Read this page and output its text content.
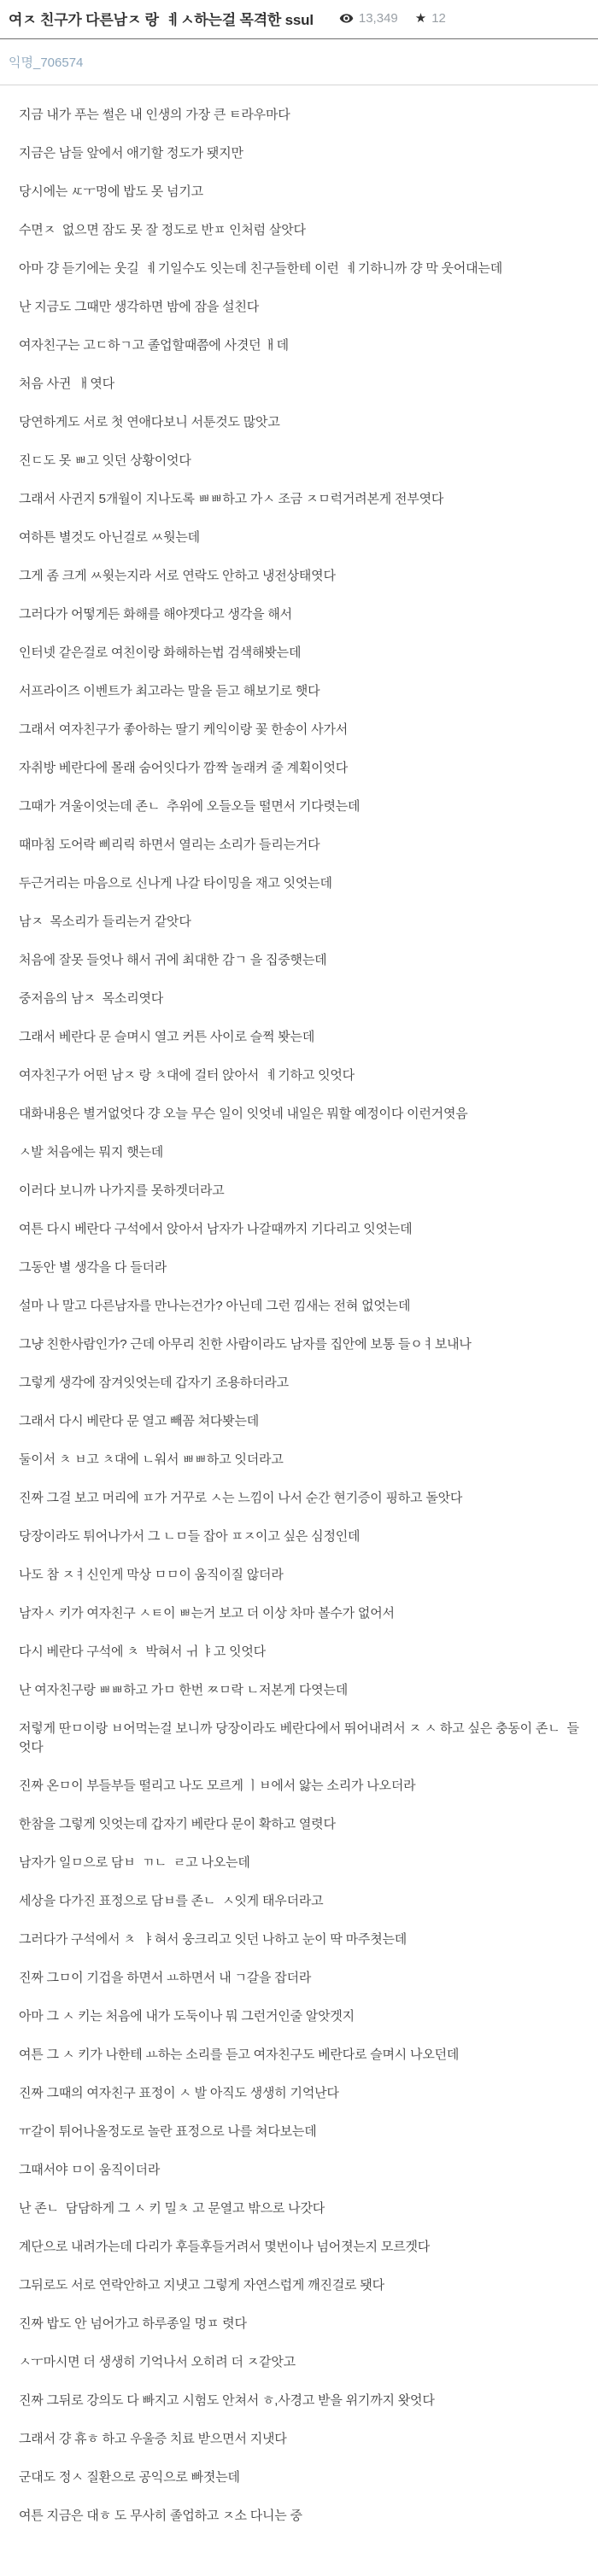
여ㅈ 친구가 다른남ㅈ 랑  ㅖㅅ하는걸 목격한 ssul	13,349 ★ 12
익명_706574

지금 내가 푸는 썰은 내 인생의 가장 큰 ㅌ라우마다

지금은 남들 앞에서 애기할 정도가 됏지만

당시에는 ㅼㅜ멍에 밥도 못 넘기고

수면ㅈ  없으면 잠도 못 잘 정도로 반ㅍ 인처럼 살앗다

아마 걍 듣기에는 웃길  ㅖ기일수도 잇는데 친구들한테 이런  ㅖ기하니까 걍 막 웃어대는데

난 지금도 그때만 생각하면 밤에 잠을 설친다

여자친구는 고ㄷ하ㄱ고 졸업할때쯤에 사겻던 ㅐ데

처음 사귄  ㅐ엿다

당연하게도 서로 첫 연애다보니 서툰것도 많앗고

진ㄷ도 못 ㅃ고 잇던 상황이엇다

그래서 사귄지 5개월이 지나도록 ㅃㅃ하고 가ㅅ 조금 ㅈㅁ럭거려본게 전부엿다

여하튼 별것도 아닌걸로 ㅆ웟는데

그게 좀 크게 ㅆ윗는지라 서로 연락도 안하고 냉전상태엿다

그러다가 어떻게든 화해를 해야겟다고 생각을 해서

인터넷 같은걸로 여친이랑 화해하는법 검색해봣는데

서프라이즈 이벤트가 최고라는 말을 듣고 해보기로 햇다

그래서 여자친구가 좋아하는 딸기 케익이랑 꽃 한송이 사가서

자취방 베란다에 몰래 숨어잇다가 깜짝 놀래켜 줄 계획이엇다

그때가 겨울이엇는데 존ㄴ  추위에 오들오들 떨면서 기다렷는데

때마침 도어락 삐리릭 하면서 열리는 소리가 들리는거다

두근거리는 마음으로 신나게 나갈 타이밍을 재고 잇엇는데

남ㅈ  목소리가 들리는거 같앗다

처음에 잘못 들엇나 해서 귀에 최대한 감ㄱ 을 집중햇는데

중저음의 남ㅈ  목소리엿다

그래서 베란다 문 슬며시 열고 커튼 사이로 슬쩍 봣는데

여자친구가 어떤 남ㅈ 랑 ㅊ대에 걸터 앉아서  ㅖ기하고 잇엇다

대화내용은 별거없엇다 걍 오늘 무슨 일이 잇엇네 내일은 뭐할 예정이다 이런거엿음

ㅅ발 처음에는 뭐지 햇는데

이러다 보니까 나가지를 못하겟더라고

여튼 다시 베란다 구석에서 앉아서 남자가 나갈때까지 기다리고 잇엇는데

그동안 별 생각을 다 들더라

설마 나 말고 다른남자를 만나는건가? 아닌데 그런 낌새는 전혀 없엇는데

그냥 친한사람인가? 근데 아무리 친한 사람이라도 남자를 집안에 보통 들ㅇㅕ보내나

그렇게 생각에 잠겨잇엇는데 갑자기 조용하더라고

그래서 다시 베란다 문 열고 빼꼼 쳐다봣는데

둘이서 ㅊ ㅂ고 ㅊ대에 ㄴ워서 ㅃㅃ하고 잇더라고

진짜 그걸 보고 머리에 ㅍ가 거꾸로 ㅅ는 느낌이 나서 순간 현기증이 핑하고 돌앗다

당장이라도 튀어나가서 그 ㄴㅁ들 잡아 ㅍㅈ이고 싶은 심정인데

나도 참 ㅈㅕ신인게 막상 ㅁㅁ이 움직이질 않더라

남자ㅅ 키가 여자친구 ㅅㅌ이 ㅃ는거 보고 더 이상 차마 볼수가 없어서

다시 베란다 구석에 ㅊ  박혀서 ㅟ ㅑ고 잇엇다

난 여자친구랑 ㅃㅃ하고 가ㅁ 한번 ㅉㅁ락 ㄴ저본게 다엿는데

저렇게 딴ㅁ이랑 ㅂ어먹는걸 보니까 당장이라도 베란다에서 뛰어내려서 ㅈ ㅅ 하고 싶은 충동이 존ㄴ  들엇다

진짜 온ㅁ이 부들부들 떨리고 나도 모르게 ㅣㅂ에서 앓는 소리가 나오더라

한참을 그렇게 잇엇는데 갑자기 베란다 문이 확하고 열렷다

남자가 일ㅁ으로 담ㅂ  ㄲㄴ  ㄹ고 나오는데

세상을 다가진 표정으로 담ㅂ를 존ㄴ  ㅅ잇게 태우더라고

그러다가 구석에서 ㅊ  ㅑ혀서 웅크리고 잇던 나하고 눈이 딱 마주쳣는데

진짜 그ㅁ이 기겁을 하면서 ㅛ하면서 내 ㄱ갈을 잡더라

아마 그 ㅅ 키는 처음에 내가 도둑이나 뭐 그런거인줄 알앗겟지

여튼 그 ㅅ 키가 나한테 ㅛ하는 소리를 듣고 여자친구도 베란다로 슬며시 나오던데

진짜 그때의 여자친구 표정이 ㅅ 발 아직도 생생히 기억난다

ㅠ갈이 튀어나올정도로 놀란 표정으로 나를 쳐다보는데

그때서야 ㅁ이 움직이더라

난 존ㄴ  담담하게 그 ㅅ 키 밀ㅊ 고 문열고 밖으로 나갓다

계단으로 내려가는데 다리가 후들후들거려서 몇번이나 넘어졋는지 모르겟다

그뒤로도 서로 연락안하고 지냇고 그렇게 자연스럽게 깨진걸로 됏다

진짜 밥도 안 넘어가고 하루종일 멍ㅍ 렷다

ㅅㅜ마시면 더 생생히 기억나서 오히려 더 ㅈ같앗고

진짜 그뒤로 강의도 다 빠지고 시험도 안쳐서 ㅎ,사경고 받을 위기까지 왓엇다

그래서 걍 휴ㅎ 하고 우울증 치료 받으면서 지냇다

군대도 정ㅅ 질환으로 공익으로 빠졋는데

여튼 지금은 대ㅎ 도 무사히 졸업하고 ㅈ소 다니는 중
